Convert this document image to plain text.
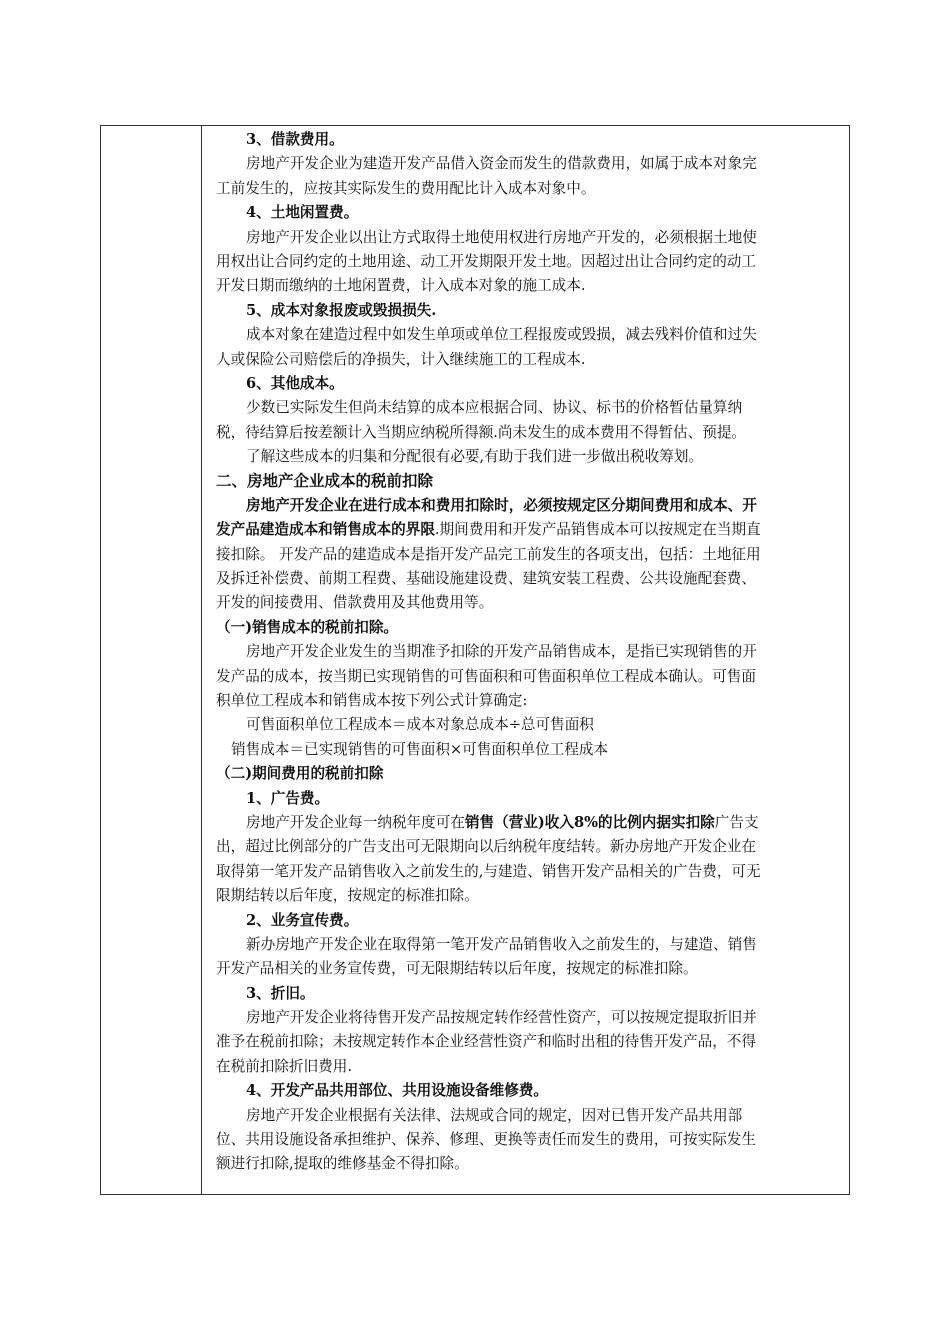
3、借款费用。
房地产开发企业为建造开发产品借入资金而发生的借款费用，如属于成本对象完
工前发生的，应按其实际发生的费用配比计入成本对象中。
4、土地闲置费。
房地产开发企业以出让方式取得土地使用权进行房地产开发的，必须根据土地使
用权出让合同约定的土地用途、动工开发期限开发土地。因超过出让合同约定的动工
开发日期而缴纳的土地闲置费，计入成本对象的施工成本.
5、成本对象报废或毁损损失.
成本对象在建造过程中如发生单项或单位工程报废或毁损，减去残料价值和过失
人或保险公司赔偿后的净损失，计入继续施工的工程成本.
6、其他成本。
少数已实际发生但尚未结算的成本应根据合同、协议、标书的价格暂估量算纳
税，待结算后按差额计入当期应纳税所得额.尚未发生的成本费用不得暂估、预提。
了解这些成本的归集和分配很有必要,有助于我们进一步做出税收筹划。
二、房地产企业成本的税前扣除
房地产开发企业在进行成本和费用扣除时，必须按规定区分期间费用和成本、开
发产品建造成本和销售成本的界限.期间费用和开发产品销售成本可以按规定在当期直
接扣除。 开发产品的建造成本是指开发产品完工前发生的各项支出，包括：土地征用
及拆迁补偿费、前期工程费、基础设施建设费、建筑安装工程费、公共设施配套费、
开发的间接费用、借款费用及其他费用等。
（一)销售成本的税前扣除。
房地产开发企业发生的当期准予扣除的开发产品销售成本，是指已实现销售的开
发产品的成本，按当期已实现销售的可售面积和可售面积单位工程成本确认。可售面
积单位工程成本和销售成本按下列公式计算确定:
可售面积单位工程成本＝成本对象总成本÷总可售面积
销售成本＝已实现销售的可售面积×可售面积单位工程成本
（二)期间费用的税前扣除
1、广告费。
房地产开发企业每一纳税年度可在销售（营业)收入8%的比例内据实扣除广告支
出，超过比例部分的广告支出可无限期向以后纳税年度结转。新办房地产开发企业在
取得第一笔开发产品销售收入之前发生的,与建造、销售开发产品相关的广告费，可无
限期结转以后年度，按规定的标准扣除。
2、业务宣传费。
新办房地产开发企业在取得第一笔开发产品销售收入之前发生的，与建造、销售
开发产品相关的业务宣传费，可无限期结转以后年度，按规定的标准扣除。
3、折旧。
房地产开发企业将待售开发产品按规定转作经营性资产，可以按规定提取折旧并
准予在税前扣除；未按规定转作本企业经营性资产和临时出租的待售开发产品，不得
在税前扣除折旧费用.
4、开发产品共用部位、共用设施设备维修费。
房地产开发企业根据有关法律、法规或合同的规定，因对已售开发产品共用部
位、共用设施设备承担维护、保养、修理、更换等责任而发生的费用，可按实际发生
额进行扣除,提取的维修基金不得扣除。
